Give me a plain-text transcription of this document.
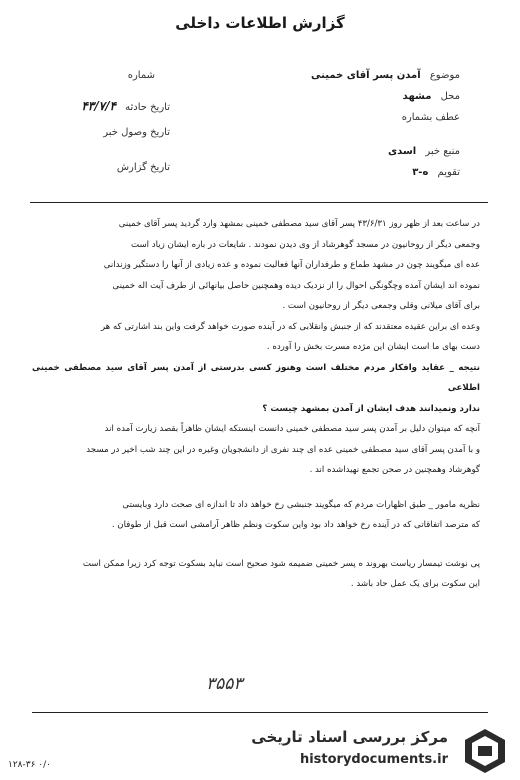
گزارش اطلاعات داخلی
موضوع آمدن پسر آقای خمینی
محل مشهد
عطف بشماره
منبع خبر اسدی
تقویم ه-۳
شماره
تاریخ حادثه ۴۳/۷/۴
تاریخ وصول خبر
تاریخ گزارش
در ساعت بعد از ظهر روز ۴۳/۶/۳۱ پسر آقای سید مصطفی خمینی بمشهد وارد گردید پسر آقای خمینی
وجمعی دیگر از روحانیون در مسجد گوهرشاد از وی دیدن نمودند . شایعات در باره ایشان زیاد است
عده ای میگویند چون در مشهد طماع و طرفداران آنها فعالیت نموده و عده زیادی از آنها را دستگیر وزندانی
نموده اند ایشان آمده وچگونگی احوال را از نزدیک دیده وهمچنین حاصل بیانهائی از طرف آیت اله خمینی
برای آقای میلانی وقلی وجمعی دیگر از روحانیون است .
وعده ای براین عقیده معتقدند که از جنبش وانقلابی که در آینده صورت خواهد گرفت واین بند اشارتی که هر
دست بهای ما است ایشان این مژده مسرت بخش را آورده .
نتیجه _ عقاید وافکار مردم مختلف است وهنوز کسی بدرستی از آمدن پسر آقای سید مصطفی خمینی اطلاعی
ندارد ونمیدانند هدف ایشان از آمدن بمشهد چیست ؟
آنچه که میتوان دلیل بر آمدن پسر سید مصطفی خمینی دانست اینستکه ایشان ظاهراً بقصد زیارت آمده اند
و با آمدن پسر آقای سید مصطفی خمینی عده ای چند نفری از دانشجویان وغیره در این چند شب اخیر در مسجد
گوهرشاد وهمچنین در صحن تجمع نهیداشده اند .
نظریه مامور _ طبق اظهارات مردم که میگویند جنبشی رخ خواهد داد تا اندازه ای صحت دارد وبایستی
که مترصد اتفاقاتی که در آینده رخ خواهد داد بود واین سکوت ونظم ظاهر آرامشی است قبل از طوفان .
پی نوشت تیمسار ریاست بهروند ه پسر خمینی ضمیمه شود صحیح است نباید بسکوت توجه کرد زیرا ممکن است
این سکوت برای یک عمل حاد باشد .
۳۵۵۳
۱۲۸-۳۶ ۰/۰
مرکز بررسی اسناد تاریخی
historydocuments.ir
